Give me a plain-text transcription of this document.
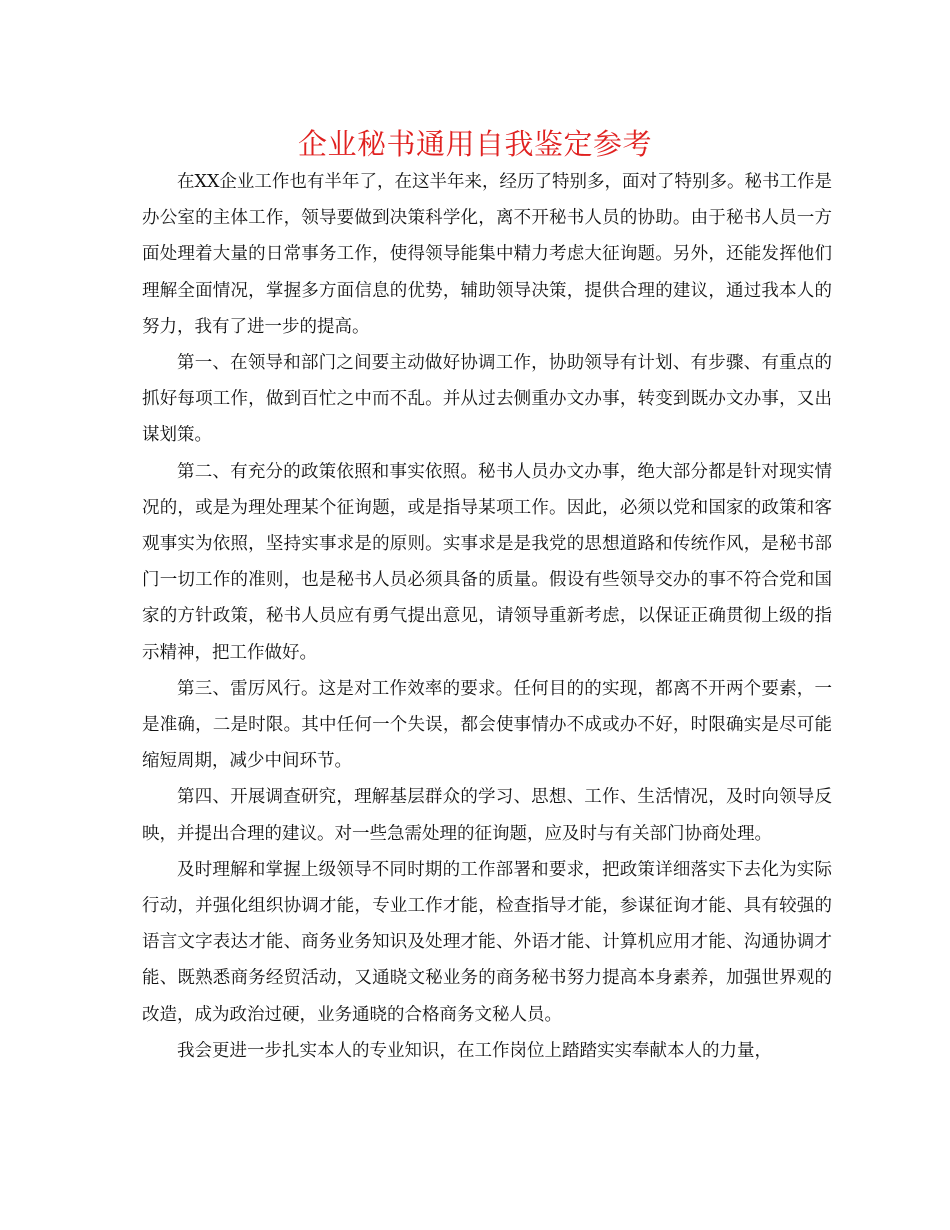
企业秘书通用自我鉴定参考

在XX企业工作也有半年了，在这半年来，经历了特别多，面对了特别多。秘书工作是办公室的主体工作，领导要做到决策科学化，离不开秘书人员的协助。由于秘书人员一方面处理着大量的日常事务工作，使得领导能集中精力考虑大征询题。另外，还能发挥他们理解全面情况，掌握多方面信息的优势，辅助领导决策，提供合理的建议，通过我本人的努力，我有了进一步的提高。

第一、在领导和部门之间要主动做好协调工作，协助领导有计划、有步骤、有重点的抓好每项工作，做到百忙之中而不乱。并从过去侧重办文办事，转变到既办文办事，又出谋划策。

第二、有充分的政策依照和事实依照。秘书人员办文办事，绝大部分都是针对现实情况的，或是为理处理某个征询题，或是指导某项工作。因此，必须以党和国家的政策和客观事实为依照，坚持实事求是的原则。实事求是是我党的思想道路和传统作风，是秘书部门一切工作的准则，也是秘书人员必须具备的质量。假设有些领导交办的事不符合党和国家的方针政策，秘书人员应有勇气提出意见，请领导重新考虑，以保证正确贯彻上级的指示精神，把工作做好。

第三、雷厉风行。这是对工作效率的要求。任何目的的实现，都离不开两个要素，一是准确，二是时限。其中任何一个失误，都会使事情办不成或办不好，时限确实是尽可能缩短周期，减少中间环节。

第四、开展调查研究，理解基层群众的学习、思想、工作、生活情况，及时向领导反映，并提出合理的建议。对一些急需处理的征询题，应及时与有关部门协商处理。

及时理解和掌握上级领导不同时期的工作部署和要求，把政策详细落实下去化为实际行动，并强化组织协调才能，专业工作才能，检查指导才能，参谋征询才能、具有较强的语言文字表达才能、商务业务知识及处理才能、外语才能、计算机应用才能、沟通协调才能、既熟悉商务经贸活动，又通晓文秘业务的商务秘书努力提高本身素养，加强世界观的改造，成为政治过硬，业务通晓的合格商务文秘人员。

我会更进一步扎实本人的专业知识，在工作岗位上踏踏实实奉献本人的力量，
